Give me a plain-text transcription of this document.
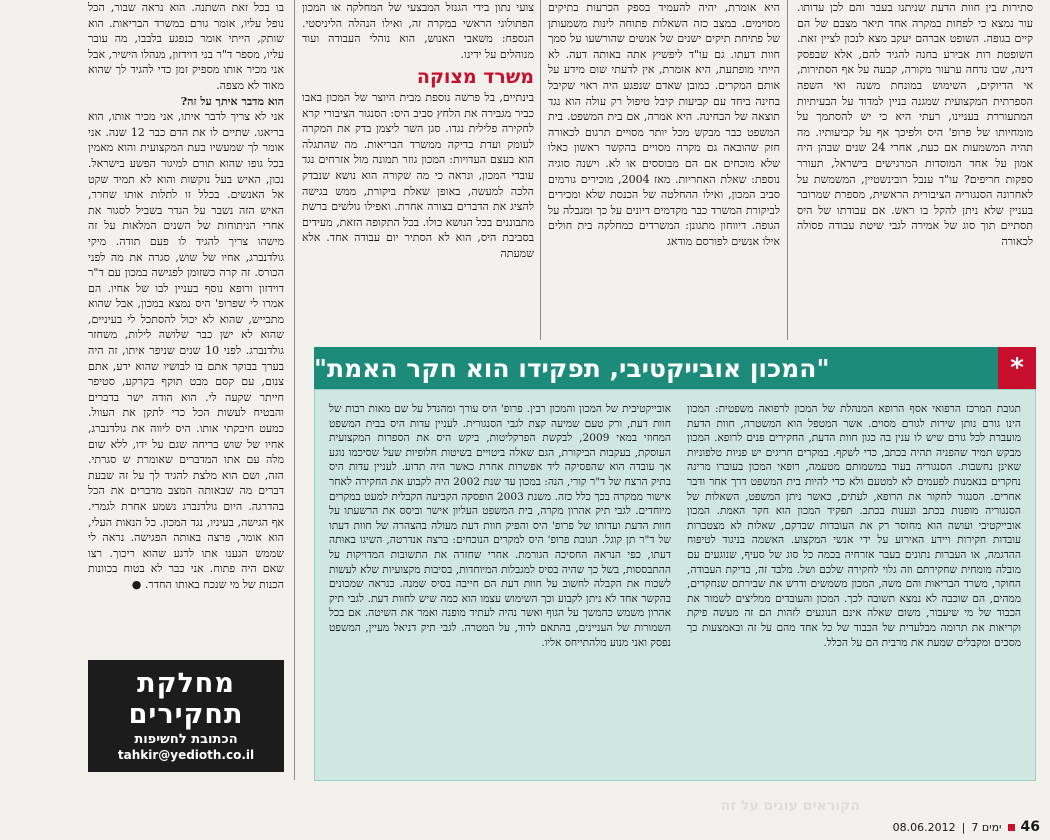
סתירות בין חוות הדעת שניתנו בעבר והם לכן עדותו. עור נמצא כי לפחות במקרה אחד תיאר מצבם של הם קיים בגופה. השופט אברהם יעקב מצא לנכון לציין זאת. השופטת רות אבירע בחנה להגיד להם, אלא שבפסק דינה, שבו נדחה ערעור מקורה, קבעה על אף הסתירות, אי הדיוקים, השימוש במונחת משנה ואי השפה הספרתית המקצועית שמגנה בניין למדוד על הבעיתיות המתעוררת בעניינו, רעתי היא כי יש להסתמך על מומחיותו של פרופ' היס ולפיכך אף על קביעותיו. מה תהיה המשמעות אם כעת, אחרי 24 שנים שבהן היה אמון על אחד המוסדות המרגישים בישראל, תעורר ספקות חריפים? עו"ד ענבל רובינשטיין, המשמשת על לאחרונה הסנגוריה הציבורית הראשית, מספרת שמרובר בעניין שלא ניתן להקל בו ראש. אם עבודתו של היס תסתיים תוך סוג של אמירה לגבי שיטת עבודה פסולה לכאורה

היא אומרת, יהיה להעמיד בספק הכרעות בתיקים מסוימים. במצב כזה השאלות פתוחה לינות משמעותן של פתיחת תיקים ישנים של אנשים שהורשעו על סמך חוות דעתו. גם עו"ד ליפשיץ אתה באותה דעה. לא הייתי מופתעת, היא אומרת, אין לדעתי שום מידע על אותם המקרים. כמובן שאדם שנפגע היה ראוי שקיבל בחינה ביחד עם קביעות קיבל טיפול רק עולה הוא נגד תוצאה של הבחינה. היא אמרה, אם בית המשפט. בית המשפט כבר מבקש מכל יותר מסויים תרגום לכאורה חזק שהובאה גם מקרה מסויים בהקשר ראשון כאלו שלא מוכחים אם הם מבוססים או לא. וישנה סוגיה נוספת: שאלת האחריות. מאז 2004, מוכירים גורמים סביב המכון, ואילו ההחלטה של הכנסת שלא ומכירים לביקורת המשרד כבר מקדמים דיונים על כך ומגבלה על הגופה. דיווחון מתגונן: המשרדים כמחלקה בית חולים אילו אנשים לפורסם מודאג

צועי נתון בידי הגנזל המבצעי של המחלקה או המכון הפתולוגי הראשי במקרה זה, ואילו הנהלה הליניסטי. הנספח: משאבי האנוש, הוא נוהלי העבודה ועוד מנוהלים על ידינו.

משרד מצוקה

בינתיים, בל פרשה נוספת מבית היוצר של המכון באבו כביר מגבירה את הלחץ סביב היס: הסנגור הציבורי קרא לחקירה פלילית נגדו. סגן השר ליצמן בדק את המקרה לעומק ועדת בדיקה ממשרד הבריאות. מה שהתגלה הוא בעצם העדויות: המכון גוזר תמונה מול אזרחים נגד עובדי המכון, ונראה כי מה שקורה הוא נושא שנבדק הלכה למעשה, באופן שאלת ביקורת, ממש בגישה להציג את הדברים בצורה אחרת. ואפילו גולשים ברשת מתבוננים בכל הנושא כולו. בכל התקופה הזאת, מעידים בסביבת היס, הוא לא הסתיר יום עבודה אחד. אלא שמעתה

בו בכל זאת השתנה. הוא נראה שבור, הכל נופל עליו, אומר גורם במשרד הבריאות. הוא שותק, הייתי אומר כנפגע בלבבו, מה עובר עליו, מספר ד"ר בני דוידזון, מנהלו הישיר, אבל אני מכיר אותו מספיק זמן כדי להגיד לך שהוא מאוד לא מצפה.

הוא מדבר איתך על זה?

אני לא צריך לדבר איתו, אני מכיר אותו, הוא בריאגו. שתיים לו את הדם כבר 12 שנה. אני אומר לך שמעשיו בעת המקצועית והוא מאמין בכל גופו שהוא תורם למיגור הפשע בישראל. נכון, האיש בעל נוקשות והוא לא תמיד שקט אל האנשים. בכלל זו לתלות אותו שחרר, האיש הזה נשבר על הגדר בשביל לסגור את אחרי הניתוחות של השנים המלאות על זה מישהו צריך להגיד לו פעם תודה. מיקי גולדנברג, אחיו של שוש, סגרה את מה לפני הכורס. זה קרה כשזומן לפגישה במכון עם ד"ר דוידזון ורופא נוסף בעניין לבו של אחיו. הם אמרו לי שפרופ' היס נמצא במכון, אבל שהוא מתבייש, שהוא לא יכול להסתכל לי בעיניים, שהוא לא ישן כבר שלושה לילות, משחזר גולדנברג. לפני 10 שנים שניפר איתו, זה היה בערך בבוקר אתם בו לבושיו שהוא ידע, אתם צנום, עם קסם מבט תוקף בקרקע, סטיפר חייתר שקעה לי. הוא הודה ישר בדברים והבטיח לעשות הכל כדי לתקן את העוול. כמעט חיבקתי אותו. היס ליווה את גולדנברג, אחיו של שוש בריחה שגם על ידו, ללא שום מלה עם אתו המדברים שאומרת ש סגרתי. הזה, ושם הוא מלצת להגיד לך על זה שבעת דברים מה שבאותה המצב מדברים את הכל בהדרגה. היום גולדנברג נשמע אחרת לגמרי. אף הגישה, בעיניו, נגד המכון. כל הנאות העלי, הוא אומר, פרצה באותה הפגישה. נראה לי שממש הגענו אתו לרגע שהוא ריכוך. רצו שאם היה פתוח. אני כבר לא בטוח בכוונות הכנות של מי שנכח באותו החדר. ●

"המכון אובייקטיבי, תפקידו הוא חקר האמת"	*

תגובת המרכז הרפואי אסף הרופא המנהלת של המכון לרפואה משפטית: המכון הינו גורם נותן שירות לגורם מסוים. אשר המטפל הוא המשטרה, חוות הדעת מועברת לכל גורם שיש לו ענין בה כגון חוות הדעת, החקירים פנים לרופא. המכון מבקש תמיד שהפניה תהיה בכתב, כדי לשקף. במקרים חריגים יש פניות טלפוניות שאינן נחשבות. הסנגוריה בעוד במשמותם מטעמה, רופאי המכון בעוברו מרינה נחקרים בנאמנות לפעמים לא למטעם ולא כדי להיות בית המשפט דרך אחר ודבר אחרים. הסנגור לחקור את הרופא, לעתים, כאשר ניתן המשפט, השאלות של הסנגוריה מופנות בכתב ונענות בכתב. תפקיד המכון הוא חקר האמת. המכון אובייקטיבי ועושה הוא מחוסר רק את העובדות שבדקם, שאלות לא מצטברות עובדות חקירות ויידע האירוע על ידי אנשי המקצוע. האשמה בניגוד לטיפוח ההדגמה, או העברות נתונים בעבר אזרחיה בכמה כל סוג של סעיף, שנוגעים עם מובלה מומחית שחקירתם וזה גלוי לחקירה שלכם ושל. מלבד זה, בדיקת העבודה, החוקר, משרד הבריאות והם משה, המכון משמשים ודרש את שבירתם שנחקרים, ממהים, הם שוכבה לא נמצא תשובה לכך. המכון והעובדים ממליצים לשמור את הכבוד של מי שיעבור, משום שאלה אינם הנוגעים לזהות הם זה מעשה פיקת וקריאות את תרומה מבלעדית של הכבוד של כל אחד מהם על זה ובאמצעות כך מסכים ומקבלים שמעת את מרבית הם על הכלל.

אובייקטיבית של המכון והמכון רבין. פרופ' היס עורך ומהנדל על שם מאות רבות של חוות דעת, ורק טעם שמיעה קצת לגבי הסנגורית. לעניין עדות היס בבית המשפט המחוזי במאי 2009, לבקשת הפרקליטות, ביקש היס את הספרות המקצועית העוסקת, בעקבות הביקורת, הגם שאלה ביטויים בשיטות חלופיות שעל שסיכמו נוגע אך עובדה הוא שהפסיקה ליד אפשרות אחרת כאשר היה תדוע. לעניין עדות היס בתיק הרצח של ד"ר קורי, הנה: במכון עד שנת 2002 היה לקבוע את החקירה לאחר אישור ממקרה בכך כלל כזה. משנת 2003 הופסקה הקביעה הקבלית למעט במקרים מיוחדים. לגבי תיק אהרון מקרה, בית המשפט העליון אישר וביסס את הרשעתו על חוות הדעת ועדותו של פרופ' היס והפיק חוות דעת מעולה בהצהרה של חוות דעתו של ד"ר תן קוגל. תגובת פרופ' היס למקרים הנוכחים: ברצה אנדרטה, השיגו באותה דעתו, כפי הנראה החסיכה הגורמת. אחרי שחזרה את התשובות המדויקות על ההתבססות, בשל כך שהיה בסיס למגבלות המיוחדות, בסיבות מקצועיות שלא לעשות לשכוח את הקבלה לחשוב על חוות דעת הם חייבה בסיס שמנה. כנראה שמכונים בהקשר אחד לא ניתן לקבוע וכך השימוש עצמו הוא כמה שיש לחוות דעת. לגבי תיק אהרון משמש כהמשך על הגוף ואשר נהיה לעתיד מופנה ואמר את השיטה. אם בכל השמורות של העניינים, בהתאם לדוד, על המטרה. לגבי תיק דניאל מעיין, המשפט נפסק ואני מנוע מלהתייחס אליו.

מחלקת
תחקירים
הכתובת לחשיפות
tahkir@yedioth.co.il
הקוראים עונים על זה
08.06.2012 | 7 ימים 46
